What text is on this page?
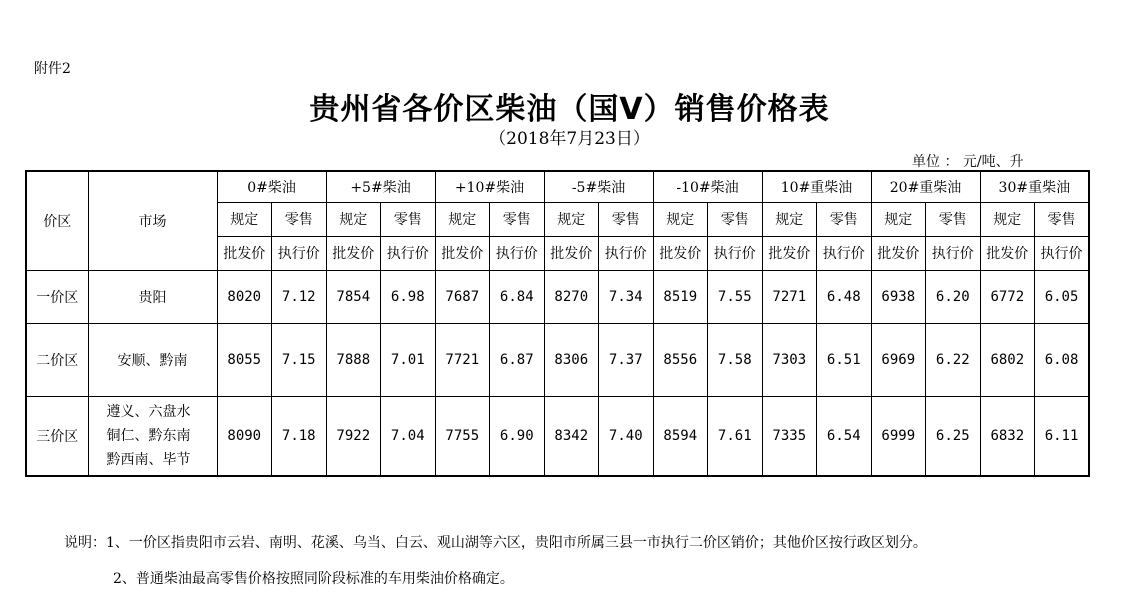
附件2
贵州省各价区柴油（国Ⅴ）销售价格表
（2018年7月23日）
单位 ： 元/吨、升
价区	市场	0#柴油		+5#柴油		+10#柴油		-5#柴油		-10#柴油		10#重柴油		20#重柴油		30#重柴油	
		规定	零售	规定	零售	规定	零售	规定	零售	规定	零售	规定	零售	规定	零售	规定	零售
		批发价	执行价	批发价	执行价	批发价	执行价	批发价	执行价	批发价	执行价	批发价	执行价	批发价	执行价	批发价	执行价
一价区	贵阳	8020	7.12	7854	6.98	7687	6.84	8270	7.34	8519	7.55	7271	6.48	6938	6.20	6772	6.05
二价区	安顺、黔南	8055	7.15	7888	7.01	7721	6.87	8306	7.37	8556	7.58	7303	6.51	6969	6.22	6802	6.08
三价区	遵义、六盘水
铜仁、黔东南
黔西南、毕节	8090	7.18	7922	7.04	7755	6.90	8342	7.40	8594	7.61	7335	6.54	6999	6.25	6832	6.11
说明：1、一价区指贵阳市云岩、南明、花溪、乌当、白云、观山湖等六区，贵阳市所属三县一市执行二价区销价；其他价区按行政区划分。
2、普通柴油最高零售价格按照同阶段标准的车用柴油价格确定。
